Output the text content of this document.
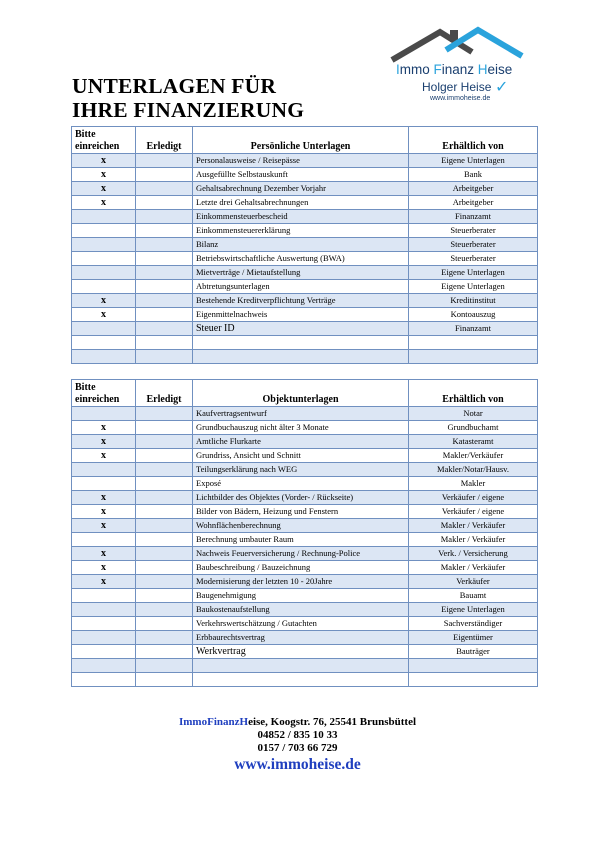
Immo Finanz Heise
Holger Heise ✓
www.immoheise.de
UNTERLAGEN FÜR
IHRE FINANZIERUNG
Bitte einreichen	Erledigt	Persönliche Unterlagen	Erhältlich von
x		Personalausweise / Reisepässe	Eigene Unterlagen
x		Ausgefüllte Selbstauskunft	Bank
x		Gehaltsabrechnung Dezember Vorjahr	Arbeitgeber
x		Letzte drei Gehaltsabrechnungen	Arbeitgeber
		Einkommensteuerbescheid	Finanzamt
		Einkommensteuererklärung	Steuerberater
		Bilanz	Steuerberater
		Betriebswirtschaftliche Auswertung (BWA)	Steuerberater
		Mietverträge / Mietaufstellung	Eigene Unterlagen
		Abtretungsunterlagen	Eigene Unterlagen
x		Bestehende Kreditverpflichtung Verträge	Kreditinstitut
x		Eigenmittelnachweis	Kontoauszug
		Steuer ID	Finanzamt

Bitte einreichen	Erledigt	Objektunterlagen	Erhältlich von
		Kaufvertragsentwurf	Notar
x		Grundbuchauszug nicht älter 3 Monate	Grundbuchamt
x		Amtliche Flurkarte	Katasteramt
x		Grundriss, Ansicht und Schnitt	Makler/Verkäufer
		Teilungserklärung nach WEG	Makler/Notar/Hausv.
		Exposé	Makler
x		Lichtbilder des Objektes (Vorder- / Rückseite)	Verkäufer / eigene
x		Bilder von Bädern, Heizung und Fenstern	Verkäufer / eigene
x		Wohnflächenberechnung	Makler / Verkäufer
		Berechnung umbauter Raum	Makler / Verkäufer
x		Nachweis Feuerversicherung / Rechnung-Police	Verk. / Versicherung
x		Baubeschreibung / Bauzeichnung	Makler / Verkäufer
x		Modernisierung der letzten 10 - 20Jahre	Verkäufer
		Baugenehmigung	Bauamt
		Baukostenaufstellung	Eigene Unterlagen
		Verkehrswertschätzung / Gutachten	Sachverständiger
		Erbbaurechtsvertrag	Eigentümer
		Werkvertrag	Bauträger

ImmoFinanzHeise, Koogstr. 76, 25541 Brunsbüttel
04852 / 835 10 33
0157 / 703 66 729
www.immoheise.de
